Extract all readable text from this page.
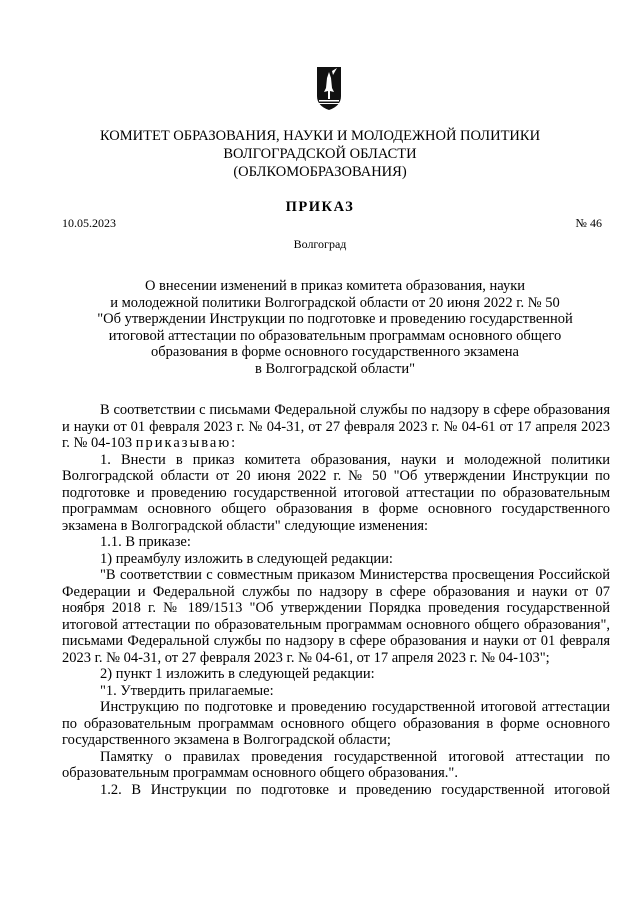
КОМИТЕТ ОБРАЗОВАНИЯ, НАУКИ И МОЛОДЕЖНОЙ ПОЛИТИКИ
ВОЛГОГРАДСКОЙ ОБЛАСТИ
(ОБЛКОМОБРАЗОВАНИЯ)
ПРИКАЗ
10.05.2023	№ 46
Волгоград
О внесении изменений в приказ комитета образования, науки
и молодежной политики Волгоградской области от 20 июня 2022 г. № 50
"Об утверждении Инструкции по подготовке и проведению государственной
итоговой аттестации по образовательным программам основного общего
образования в форме основного государственного экзамена
в Волгоградской области"

В соответствии с письмами Федеральной службы по надзору в сфере образования и науки от 01 февраля 2023 г. № 04-31, от 27 февраля 2023 г. № 04-61 от 17 апреля 2023 г. № 04-103 приказываю:

1. Внести в приказ комитета образования, науки и молодежной политики Волгоградской области от 20 июня 2022 г. № 50 "Об утверждении Инструкции по подготовке и проведению государственной итоговой аттестации по образовательным программам основного общего образования в форме основного государственного экзамена в Волгоградской области" следующие изменения:

1.1. В приказе:

1) преамбулу изложить в следующей редакции:

"В соответствии с совместным приказом Министерства просвещения Российской Федерации и Федеральной службы по надзору в сфере образования и науки от 07 ноября 2018 г. № 189/1513 "Об утверждении Порядка проведения государственной итоговой аттестации по образовательным программам основного общего образования", письмами Федеральной службы по надзору в сфере образования и науки от 01 февраля 2023 г. № 04-31, от 27 февраля 2023 г. № 04-61, от 17 апреля 2023 г. № 04-103";

2) пункт 1 изложить в следующей редакции:

"1. Утвердить прилагаемые:

Инструкцию по подготовке и проведению государственной итоговой аттестации по образовательным программам основного общего образования в форме основного государственного экзамена в Волгоградской области;

Памятку о правилах проведения государственной итоговой аттестации по образовательным программам основного общего образования.".

1.2. В Инструкции по подготовке и проведению государственной итоговой
